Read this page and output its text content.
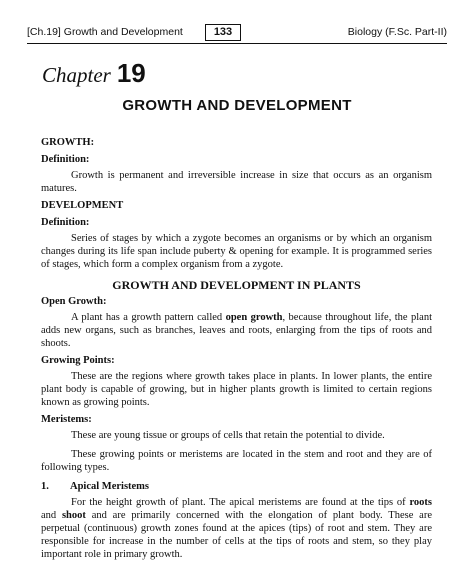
[Ch.19] Growth and Development	133	Biology (F.Sc. Part-II)
Chapter 19
GROWTH AND DEVELOPMENT

GROWTH:

Definition:

Growth is permanent and irreversible increase in size that occurs as an organism matures.

DEVELOPMENT

Definition:

Series of stages by which a zygote becomes an organisms or by which an organism changes during its life span include puberty & opening for example. It is programmed series of stages, which form a complex organism from a zygote.

GROWTH AND DEVELOPMENT IN PLANTS

Open Growth:

A plant has a growth pattern called open growth, because throughout life, the plant adds new organs, such as branches, leaves and roots, enlarging from the tips of roots and shoots.

Growing Points:

These are the regions where growth takes place in plants. In lower plants, the entire plant body is capable of growing, but in higher plants growth is limited to certain regions known as growing points.

Meristems:

These are young tissue or groups of cells that retain the potential to divide.

These growing points or meristems are located in the stem and root and they are of following types.

1.	Apical Meristems

For the height growth of plant. The apical meristems are found at the tips of roots and shoot and are primarily concerned with the elongation of plant body. These are perpetual (continuous) growth zones found at the apices (tips) of root and stem. They are responsible for increase in the number of cells at the tips of roots and stem, so they play important role in primary growth.
